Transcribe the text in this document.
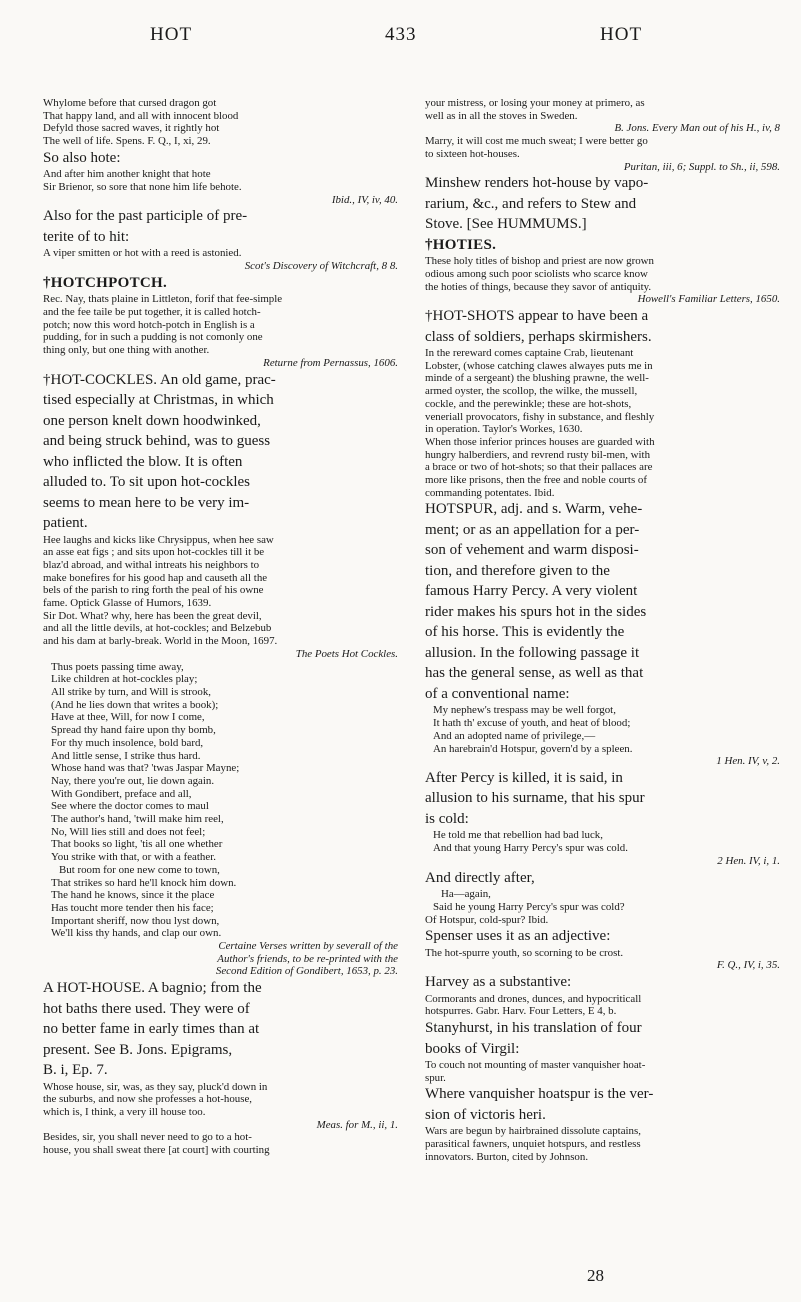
HOT	433	HOT
Whylome before that cursed dragon got
That happy land, and all with innocent blood
Defyld those sacred waves, it rightly hot
The well of life. Spens. F. Q., I, xi, 29.
So also hote:
And after him another knight that hote
Sir Brienor, so sore that none him life behote.
Ibid., IV, iv, 40.
Also for the past participle of pre-
terite of to hit:
A viper smitten or hot with a reed is astonied.
Scot's Discovery of Witchcraft, 8 8.
†HOTCHPOTCH.
Rec. Nay, thats plaine in Littleton, forif that fee-simple
and the fee taile be put together, it is called hotch-
potch; now this word hotch-potch in English is a
pudding, for in such a pudding is not comonly one
thing only, but one thing with another.
Returne from Pernassus, 1606.
†HOT-COCKLES. An old game, prac-
tised especially at Christmas, in which
one person knelt down hoodwinked,
and being struck behind, was to guess
who inflicted the blow. It is often
alluded to. To sit upon hot-cockles
seems to mean here to be very im-
patient.
Hee laughs and kicks like Chrysippus, when hee saw
an asse eat figs ; and sits upon hot-cockles till it be
blaz'd abroad, and withal intreats his neighbors to
make bonefires for his good hap and causeth all the
bels of the parish to ring forth the peal of his owne
fame. Optick Glasse of Humors, 1639.
Sir Dot. What? why, here has been the great devil,
and all the little devils, at hot-cockles; and Belzebub
and his dam at barly-break. World in the Moon, 1697.
The Poets Hot Cockles.
Thus poets passing time away,
Like children at hot-cockles play;
All strike by turn, and Will is strook,
(And he lies down that writes a book);
Have at thee, Will, for now I come,
Spread thy hand faire upon thy bomb,
For thy much insolence, bold bard,
And little sense, I strike thus hard.
Whose hand was that? 'twas Jaspar Mayne;
Nay, there you're out, lie down again.
With Gondibert, preface and all,
See where the doctor comes to maul
The author's hand, 'twill make him reel,
No, Will lies still and does not feel;
That books so light, 'tis all one whether
You strike with that, or with a feather.
But room for one new come to town,
That strikes so hard he'll knock him down.
The hand he knows, since it the place
Has toucht more tender then his face;
Important sheriff, now thou lyst down,
We'll kiss thy hands, and clap our own.
Certaine Verses written by severall of the
Author's friends, to be re-printed with the
Second Edition of Gondibert, 1653, p. 23.
A HOT-HOUSE. A bagnio; from the
hot baths there used. They were of
no better fame in early times than at
present. See B. Jons. Epigrams,
B. i, Ep. 7.
Whose house, sir, was, as they say, pluck'd down in
the suburbs, and now she professes a hot-house,
which is, I think, a very ill house too.
Meas. for M., ii, 1.
Besides, sir, you shall never need to go to a hot-
house, you shall sweat there [at court] with courting
your mistress, or losing your money at primero, as
well as in all the stoves in Sweden.
B. Jons. Every Man out of his H., iv, 8
Marry, it will cost me much sweat; I were better go
to sixteen hot-houses.
Puritan, iii, 6; Suppl. to Sh., ii, 598.
Minshew renders hot-house by vapo-
rarium, &c., and refers to Stew and
Stove. [See HUMMUMS.]
†HOTIES.
These holy titles of bishop and priest are now grown
odious among such poor sciolists who scarce know
the hoties of things, because they savor of antiquity.
Howell's Familiar Letters, 1650.
†HOT-SHOTS appear to have been a
class of soldiers, perhaps skirmishers.
In the rereward comes captaine Crab, lieutenant
Lobster, (whose catching clawes alwayes puts me in
minde of a sergeant) the blushing prawne, the well-
armed oyster, the scollop, the wilke, the mussell,
cockle, and the perewinkle; these are hot-shots,
veneriall provocators, fishy in substance, and fleshly
in operation. Taylor's Workes, 1630.
When those inferior princes houses are guarded with
hungry halberdiers, and revrend rusty bil-men, with
a brace or two of hot-shots; so that their pallaces are
more like prisons, then the free and noble courts of
commanding potentates. Ibid.
HOTSPUR, adj. and s. Warm, vehe-
ment; or as an appellation for a per-
son of vehement and warm disposi-
tion, and therefore given to the
famous Harry Percy. A very violent
rider makes his spurs hot in the sides
of his horse. This is evidently the
allusion. In the following passage it
has the general sense, as well as that
of a conventional name:
My nephew's trespass may be well forgot,
It hath th' excuse of youth, and heat of blood;
And an adopted name of privilege,—
An harebrain'd Hotspur, govern'd by a spleen.
1 Hen. IV, v, 2.
After Percy is killed, it is said, in
allusion to his surname, that his spur
is cold:
He told me that rebellion had bad luck,
And that young Harry Percy's spur was cold.
2 Hen. IV, i, 1.
And directly after,
Ha—again,
Said he young Harry Percy's spur was cold?
Of Hotspur, cold-spur? Ibid.
Spenser uses it as an adjective:
The hot-spurre youth, so scorning to be crost.
F. Q., IV, i, 35.
Harvey as a substantive:
Cormorants and drones, dunces, and hypocriticall
hotspurres. Gabr. Harv. Four Letters, E 4, b.
Stanyhurst, in his translation of four
books of Virgil:
To couch not mounting of master vanquisher hoat-
spur.
Where vanquisher hoatspur is the ver-
sion of victoris heri.
Wars are begun by hairbrained dissolute captains,
parasitical fawners, unquiet hotspurs, and restless
innovators. Burton, cited by Johnson.
28
